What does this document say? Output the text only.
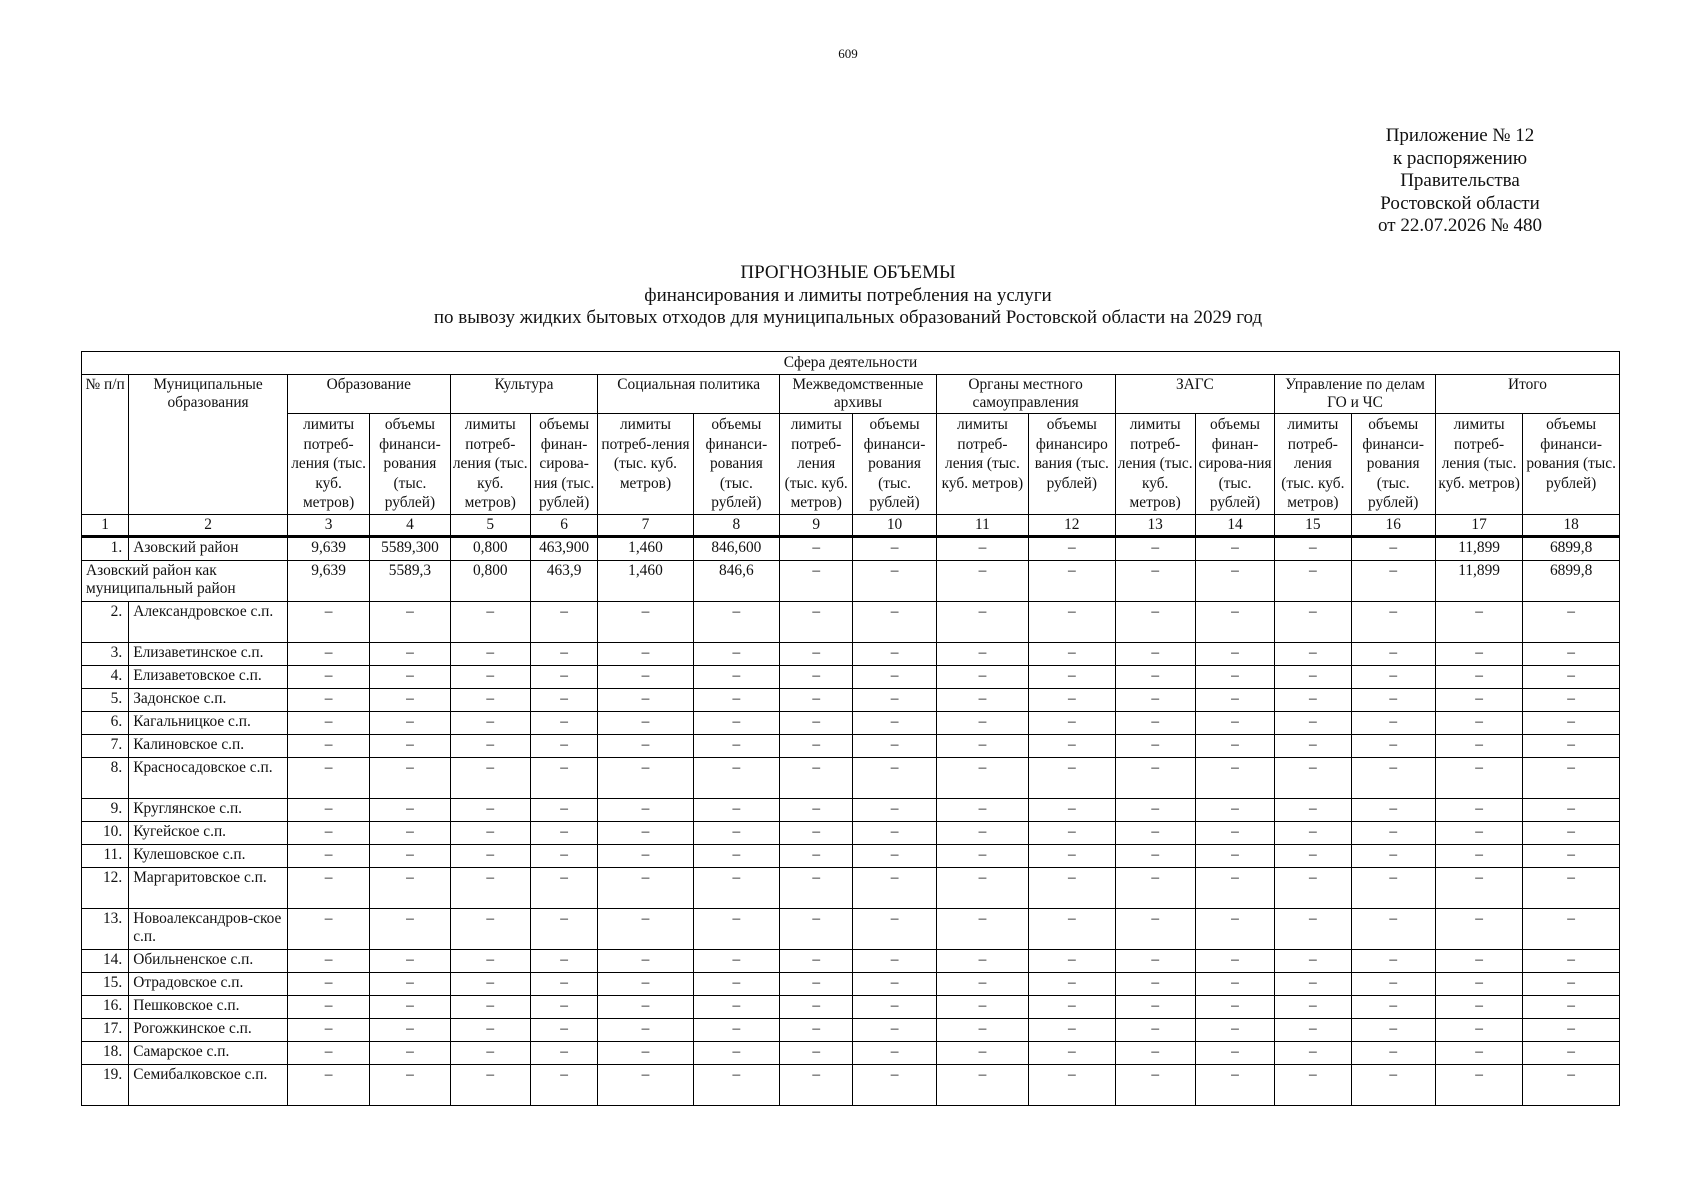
609
Приложение № 12
к распоряжению
Правительства
Ростовской области
от 22.07.2026 № 480
ПРОГНОЗНЫЕ ОБЪЕМЫ
финансирования и лимиты потребления на услуги
по вывозу жидких бытовых отходов для муниципальных образований Ростовской области на 2029 год
Сфера деятельности																	
№ п/п	Муниципальные образования	Образование		Культура		Социальная политика		Межведомственные архивы		Органы местного самоуправления		ЗАГС		Управление по делам ГО и ЧС		Итого	
		лимиты потреб-ления (тыс. куб. метров)	объемы финанси-рования (тыс. рублей)	лимиты потреб-ления (тыс. куб. метров)	объемы финан-сирова-ния (тыс. рублей)	лимиты потреб-ления (тыс. куб. метров)	объемы финанси-рования (тыс. рублей)	лимиты потреб-ления (тыс. куб. метров)	объемы финанси-рования (тыс. рублей)	лимиты потреб-ления (тыс. куб. метров)	объемы финансиро вания (тыс. рублей)	лимиты потреб-ления (тыс. куб. метров)	объемы финан-сирова-ния (тыс. рублей)	лимиты потреб-ления (тыс. куб. метров)	объемы финанси-рования (тыс. рублей)	лимиты потреб-ления (тыс. куб. метров)	объемы финанси-рования (тыс. рублей)
1	2	3	4	5	6	7	8	9	10	11	12	13	14	15	16	17	18
1.	Азовский район	9,639	5589,300	0,800	463,900	1,460	846,600	–	–	–	–	–	–	–	–	11,899	6899,8
Азовский район как муниципальный район		9,639	5589,3	0,800	463,9	1,460	846,6	–	–	–	–	–	–	–	–	11,899	6899,8
2.	Александровское с.п.	–	–	–	–	–	–	–	–	–	–	–	–	–	–	–	–
3.	Елизаветинское с.п.	–	–	–	–	–	–	–	–	–	–	–	–	–	–	–	–
4.	Елизаветовское с.п.	–	–	–	–	–	–	–	–	–	–	–	–	–	–	–	–
5.	Задонское с.п.	–	–	–	–	–	–	–	–	–	–	–	–	–	–	–	–
6.	Кагальницкое с.п.	–	–	–	–	–	–	–	–	–	–	–	–	–	–	–	–
7.	Калиновское с.п.	–	–	–	–	–	–	–	–	–	–	–	–	–	–	–	–
8.	Красносадовское с.п.	–	–	–	–	–	–	–	–	–	–	–	–	–	–	–	–
9.	Круглянское с.п.	–	–	–	–	–	–	–	–	–	–	–	–	–	–	–	–
10.	Кугейское с.п.	–	–	–	–	–	–	–	–	–	–	–	–	–	–	–	–
11.	Кулешовское с.п.	–	–	–	–	–	–	–	–	–	–	–	–	–	–	–	–
12.	Маргаритовское с.п.	–	–	–	–	–	–	–	–	–	–	–	–	–	–	–	–
13.	Новоалександров-ское с.п.	–	–	–	–	–	–	–	–	–	–	–	–	–	–	–	–
14.	Обильненское с.п.	–	–	–	–	–	–	–	–	–	–	–	–	–	–	–	–
15.	Отрадовское с.п.	–	–	–	–	–	–	–	–	–	–	–	–	–	–	–	–
16.	Пешковское с.п.	–	–	–	–	–	–	–	–	–	–	–	–	–	–	–	–
17.	Рогожкинское с.п.	–	–	–	–	–	–	–	–	–	–	–	–	–	–	–	–
18.	Самарское с.п.	–	–	–	–	–	–	–	–	–	–	–	–	–	–	–	–
19.	Семибалковское с.п.	–	–	–	–	–	–	–	–	–	–	–	–	–	–	–	–
